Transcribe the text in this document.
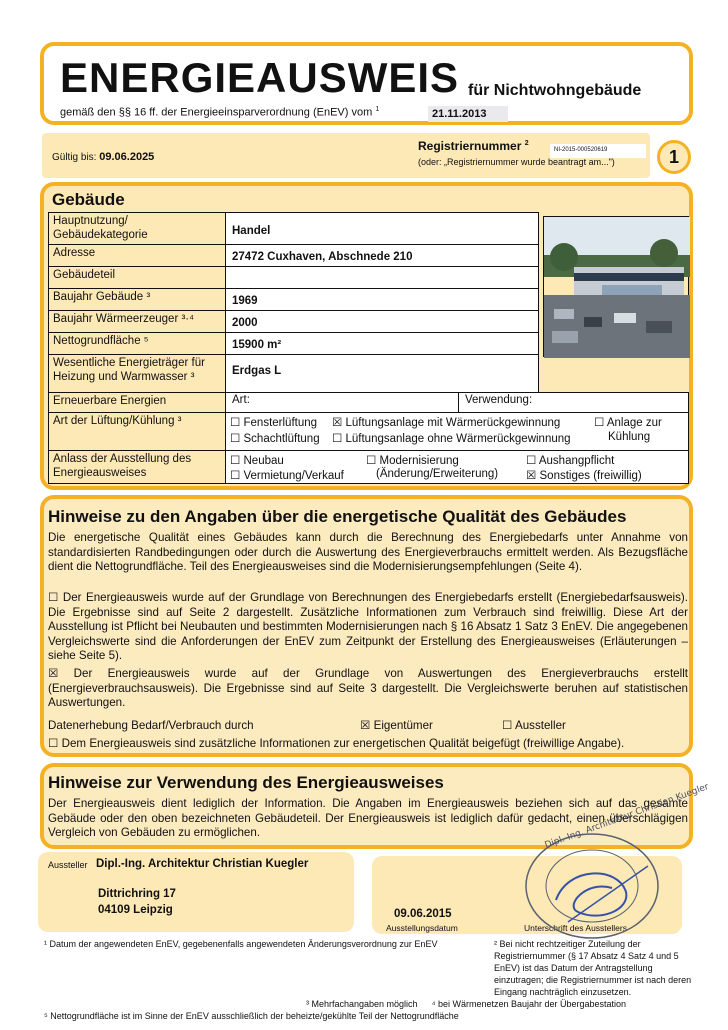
ENERGIEAUSWEIS für Nichtwohngebäude
gemäß den §§ 16 ff. der Energieeinsparverordnung (EnEV) vom $^1$	21.11.2013
Gültig bis: 09.06.2025
Registriernummer $^2$
NI-2015-000520619
(oder: „Registriernummer wurde beantragt am...")	1
Gebäude
Hauptnutzung/ Gebäudekategorie	Handel
Adresse	27472 Cuxhaven, Abschnede 210
Gebäudeteil
Baujahr Gebäude ³	1969
Baujahr Wärmeerzeuger ³·⁴	2000
Nettogrundfläche ⁵	15900 m²
Wesentliche Energieträger für Heizung und Warmwasser ³	Erdgas L
Erneuerbare Energien	Art:	Verwendung:
Art der Lüftung/Kühlung ³	☐ Fensterlüftung ☒ Lüftungsanlage mit Wärmerückgewinnung	☐ Anlage zur
☐ Schachtlüftung ☐ Lüftungsanlage ohne Wärmerückgewinnung	Kühlung
Anlass der Ausstellung des Energieausweises
☐ Neubau	☐ Modernisierung	☐ Aushangpflicht
☐ Vermietung/Verkauf	(Änderung/Erweiterung) ☒ Sonstiges (freiwillig)
Hinweise zu den Angaben über die energetische Qualität des Gebäudes
Die energetische Qualität eines Gebäudes kann durch die Berechnung des Energiebedarfs unter Annahme von standardisierten Randbedingungen oder durch die Auswertung des Energieverbrauchs ermittelt werden. Als Bezugsfläche dient die Nettogrundfläche. Teil des Energieausweises sind die Modernisierungsempfehlungen (Seite 4).
☐ Der Energieausweis wurde auf der Grundlage von Berechnungen des Energiebedarfs erstellt (Energiebedarfsausweis). Die Ergebnisse sind auf Seite 2 dargestellt. Zusätzliche Informationen zum Verbrauch sind freiwillig. Diese Art der Ausstellung ist Pflicht bei Neubauten und bestimmten Modernisierungen nach § 16 Absatz 1 Satz 3 EnEV. Die angegebenen Vergleichswerte sind die Anforderungen der EnEV zum Zeitpunkt der Erstellung des Energieausweises (Erläuterungen – siehe Seite 5).
☒ Der Energieausweis wurde auf der Grundlage von Auswertungen des Energieverbrauchs erstellt (Energieverbrauchsausweis). Die Ergebnisse sind auf Seite 3 dargestellt. Die Vergleichswerte beruhen auf statistischen Auswertungen.
Datenerhebung Bedarf/Verbrauch durch	☒ Eigentümer	☐ Aussteller
☐ Dem Energieausweis sind zusätzliche Informationen zur energetischen Qualität beigefügt (freiwillige Angabe).
Hinweise zur Verwendung des Energieausweises
Der Energieausweis dient lediglich der Information. Die Angaben im Energieausweis beziehen sich auf das gesamte Gebäude oder den oben bezeichneten Gebäudeteil. Der Energieausweis ist lediglich dafür gedacht, einen überschlägigen Vergleich von Gebäuden zu ermöglichen.
Aussteller Dipl.-Ing. Architektur Christian Kuegler
Dittrichring 17
04109 Leipzig	09.06.2015
Ausstellungsdatum	Unterschrift des Ausstellers
Dipl.-Ing. Architektur Christian Kuegler
¹ Datum der angewendeten EnEV, gegebenenfalls angewendeten Änderungsverordnung zur EnEV	² Bei nicht rechtzeitiger Zuteilung der Registriernummer (§ 17 Absatz 4 Satz 4 und 5 EnEV) ist das Datum der Antragstellung einzutragen; die Registriernummer ist nach deren Eingang nachträglich einzusetzen.
³ Mehrfachangaben möglich ⁴ bei Wärmenetzen Baujahr der Übergabestation
⁵ Nettogrundfläche ist im Sinne der EnEV ausschließlich der beheizte/gekühlte Teil der Nettogrundfläche
